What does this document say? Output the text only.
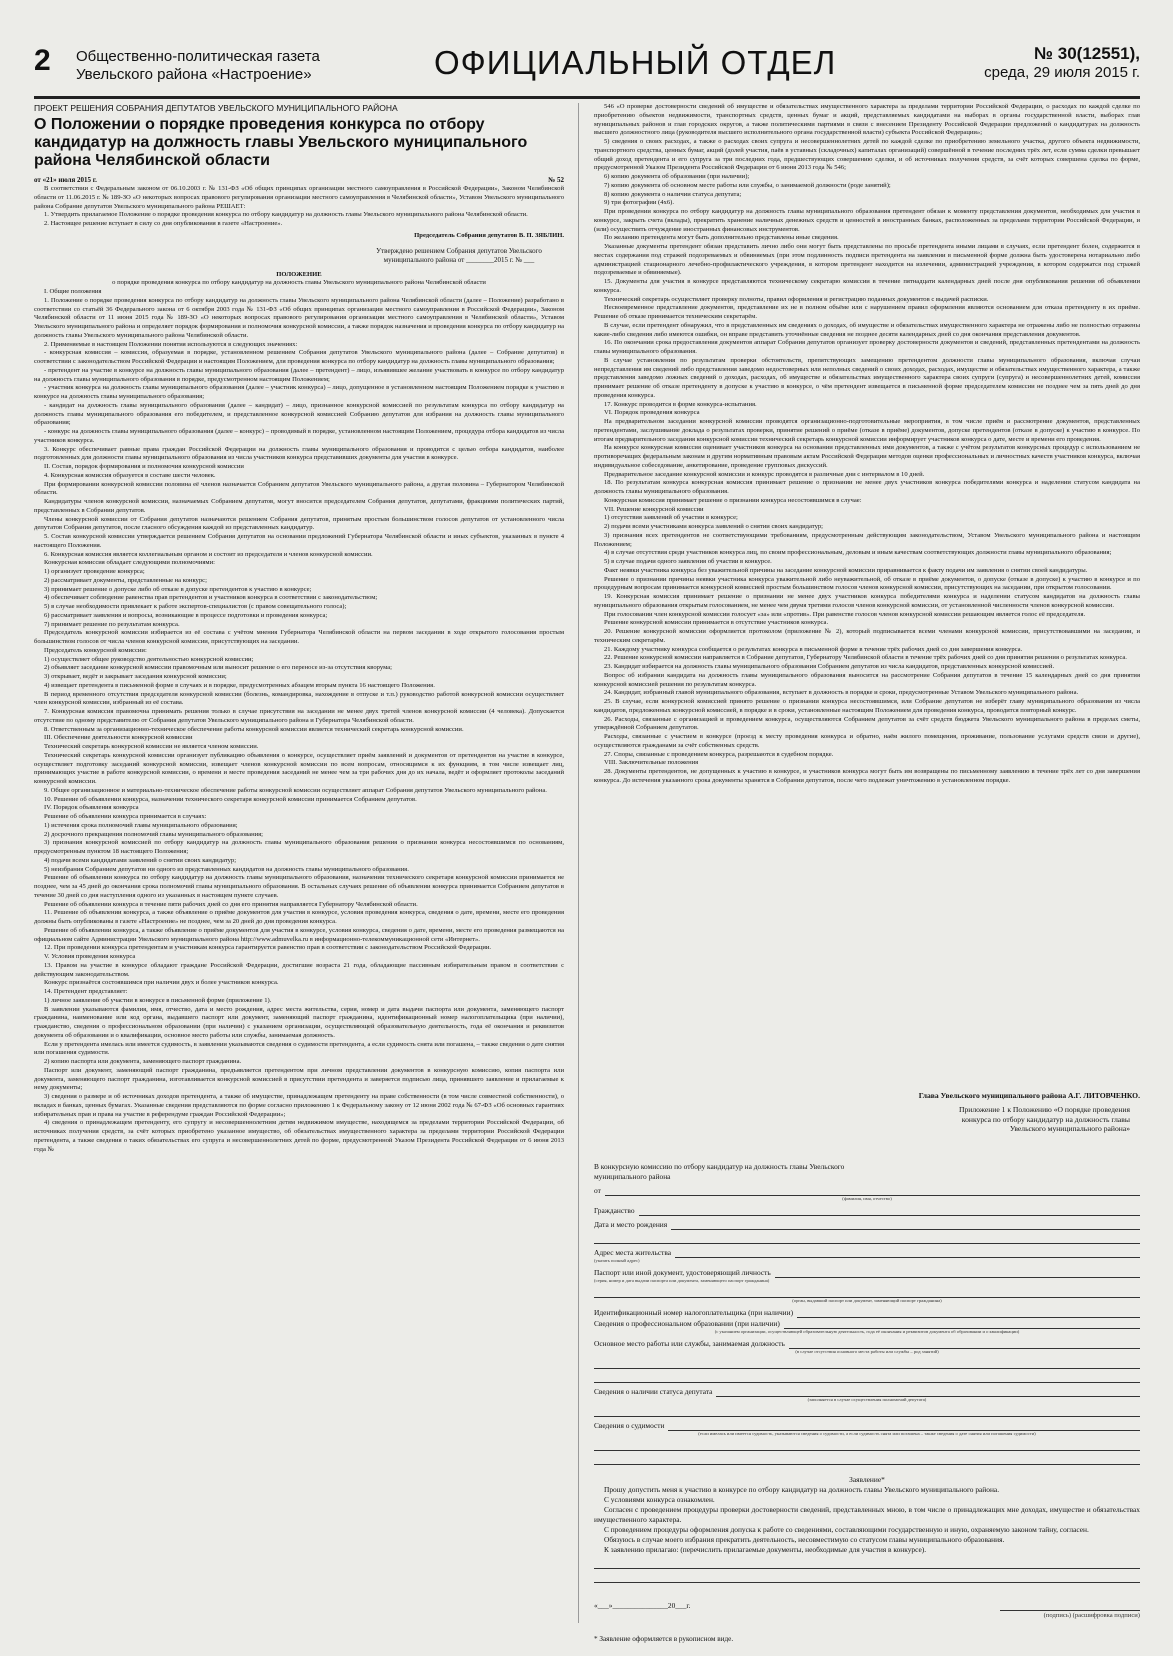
2 Общественно-политическая газета
Увельского района «Настроение»	ОФИЦИАЛЬНЫЙ ОТДЕЛ	№ 30(12551),
среда, 29 июля 2015 г.
ПРОЕКТ РЕШЕНИЯ СОБРАНИЯ ДЕПУТАТОВ УВЕЛЬСКОГО МУНИЦИПАЛЬНОГО РАЙОНА
О Положении о порядке проведения конкурса по отбору кандидатур на должность главы Увельского муниципального района Челябинской области
от «21» июля 2015 г.	№ 52

В соответствии с Федеральным законом от 06.10.2003 г. № 131-ФЗ «Об общих принципах организации местного самоуправления в Российской Федерации», Законом Челябинской области от 11.06.2015 г. № 189-ЗО «О некоторых вопросах правового регулирования организации местного самоуправления в Челябинской области», Уставом Увельского муниципального района Собрание депутатов Увельского муниципального района РЕШАЕТ:

1. Утвердить прилагаемое Положение о порядке проведения конкурса по отбору кандидатур на должность главы Увельского муниципального района Челябинской области.

2. Настоящее решение вступает в силу со дня опубликования в газете «Настроение».

Председатель Собрания депутатов В. П. ЗЯБЛИН.
Утверждено решением Собрания депутатов Увельского муниципального района от ________2015 г. № ___
ПОЛОЖЕНИЕ
о порядке проведения конкурса по отбору кандидатур на должность главы Увельского муниципального района Челябинской области
I. Общие положения

1. Положение о порядке проведения конкурса по отбору кандидатур на должность главы Увельского муниципального района Челябинской области (далее – Положение) разработано в соответствии со статьёй 36 Федерального закона от 6 октября 2003 года № 131-ФЗ «Об общих принципах организации местного самоуправления в Российской Федерации», Законом Челябинской области от 11 июня 2015 года № 189-ЗО «О некоторых вопросах правового регулирования организации местного самоуправления в Челябинской области», Уставом Увельского муниципального района и определяет порядок формирования и полномочия конкурсной комиссии, а также порядок назначения и проведения конкурса по отбору кандидатур на должность главы Увельского муниципального района Челябинской области.

2. Применяемые в настоящем Положении понятия используются в следующих значениях:

- конкурсная комиссия – комиссия, образуемая в порядке, установленном решением Собрания депутатов Увельского муниципального района (далее – Собрание депутатов) в соответствии с законодательством Российской Федерации и настоящим Положением, для проведения конкурса по отбору кандидатур на должность главы муниципального образования;

- претендент на участие в конкурсе на должность главы муниципального образования (далее – претендент) – лицо, изъявившее желание участвовать в конкурсе по отбору кандидатур на должность главы муниципального образования в порядке, предусмотренном настоящим Положением;

- участник конкурса на должность главы муниципального образования (далее – участник конкурса) – лицо, допущенное в установленном настоящим Положением порядке к участию в конкурсе на должность главы муниципального образования;

- кандидат на должность главы муниципального образования (далее – кандидат) – лицо, признанное конкурсной комиссией по результатам конкурса по отбору кандидатур на должность главы муниципального образования его победителем, и представленное конкурсной комиссией Собранию депутатов для избрания на должность главы муниципального образования;

- конкурс на должность главы муниципального образования (далее – конкурс) – проводимый в порядке, установленном настоящим Положением, процедура отбора кандидатов из числа участников конкурса.

3. Конкурс обеспечивает равные права граждан Российской Федерации на должность главы муниципального образования и проводится с целью отбора кандидатов, наиболее подготовленных для должности главы муниципального образования из числа участников конкурса представивших документы для участия в конкурсе.

II. Состав, порядок формирования и полномочия конкурсной комиссии

4. Конкурсная комиссия образуется в составе шести человек.

При формировании конкурсной комиссии половина её членов назначается Собранием депутатов Увельского муниципального района, а другая половина – Губернатором Челябинской области.

Кандидатуры членов конкурсной комиссии, назначаемых Собранием депутатов, могут вносится председателем Собрания депутатов, депутатами, фракциями политических партий, представленных в Собрании депутатов.

Члены конкурсной комиссии от Собрания депутатов назначаются решением Собрания депутатов, принятым простым большинством голосов депутатов от установленного числа депутатов Собрания депутатов, после гласного обсуждения каждой из представленных кандидатур.

5. Состав конкурсной комиссии утверждается решением Собрания депутатов на основании предложений Губернатора Челябинской области и иных субъектов, указанных в пункте 4 настоящего Положения.

6. Конкурсная комиссия является коллегиальным органом и состоит из председателя и членов конкурсной комиссии.

Конкурсная комиссия обладает следующими полномочиями:

1) организует проведение конкурса;

2) рассматривает документы, представленные на конкурс;

3) принимает решение о допуске либо об отказе в допуске претендентов к участию в конкурсе;

4) обеспечивает соблюдение равенства прав претендентов и участников конкурса в соответствии с законодательством;

5) в случае необходимости привлекает к работе экспертов-специалистов (с правом совещательного голоса);

6) рассматривает заявления и вопросы, возникающие в процессе подготовки и проведения конкурса;

7) принимает решение по результатам конкурса.

Председатель конкурсной комиссии избирается из её состава с учётом мнения Губернатора Челябинской области на первом заседании в ходе открытого голосования простым большинством голосов от числа членов конкурсной комиссии, присутствующих на заседании.

Председатель конкурсной комиссии:

1) осуществляет общее руководство деятельностью конкурсной комиссии;

2) объявляет заседание конкурсной комиссии правомочным или выносит решение о его переносе из-за отсутствия кворума;

3) открывает, ведёт и закрывает заседания конкурсной комиссии;

4) извещает претендента в письменной форме в случаях и в порядке, предусмотренных абзацем вторым пункта 16 настоящего Положения.

В период временного отсутствия председателя конкурсной комиссии (болезнь, командировка, нахождение в отпуске и т.п.) руководство работой конкурсной комиссии осуществляет член конкурсной комиссии, избранный из её состава.

7. Конкурсная комиссия правомочна принимать решения только в случае присутствия на заседании не менее двух третей членов конкурсной комиссии (4 человека). Допускается отсутствие по одному представителю от Собрания депутатов Увельского муниципального района и Губернатора Челябинской области.

8. Ответственным за организационно-техническое обеспечение работы конкурсной комиссии является технический секретарь конкурсной комиссии.

III. Обеспечение деятельности конкурсной комиссии

Технический секретарь конкурсной комиссии не является членом комиссии.

Технический секретарь конкурсной комиссии организует публикацию объявления о конкурсе, осуществляет приём заявлений и документов от претендентов на участие в конкурсе, осуществляет подготовку заседаний конкурсной комиссии, извещает членов конкурсной комиссии по всем вопросам, относящимся к их функциям, в том числе извещает лиц, принимающих участие в работе конкурсной комиссии, о времени и месте проведения заседаний не менее чем за три рабочих дня до их начала, ведёт и оформляет протоколы заседаний конкурсной комиссии.

9. Общее организационное и материально-техническое обеспечение работы конкурсной комиссии осуществляет аппарат Собрания депутатов Увельского муниципального района.

10. Решение об объявлении конкурса, назначении технического секретаря конкурсной комиссии принимается Собранием депутатов.

IV. Порядок объявления конкурса

Решение об объявлении конкурса принимается в случаях:

1) истечения срока полномочий главы муниципального образования;

2) досрочного прекращения полномочий главы муниципального образования;

3) признания конкурсной комиссией по отбору кандидатур на должность главы муниципального образования решения о признании конкурса несостоявшимся по основаниям, предусмотренным пунктом 18 настоящего Положения;

4) подачи всеми кандидатами заявлений о снятии своих кандидатур;

5) неизбрания Собранием депутатов ни одного из представленных кандидатов на должность главы муниципального образования.

Решение об объявлении конкурса по отбору кандидатур на должность главы муниципального образования, назначении технического секретаря конкурсной комиссии принимается не позднее, чем за 45 дней до окончания срока полномочий главы муниципального образования. В остальных случаях решение об объявлении конкурса принимается Собранием депутатов в течение 30 дней со дня наступления одного из указанных в настоящем пункте случаев.

Решение об объявлении конкурса в течение пяти рабочих дней со дня его принятия направляется Губернатору Челябинской области.

11. Решение об объявлении конкурса, а также объявление о приёме документов для участия в конкурсе, условия проведения конкурса, сведения о дате, времени, месте его проведения должны быть опубликованы в газете «Настроение» не позднее, чем за 20 дней до дня проведения конкурса.

Решение об объявлении конкурса, а также объявление о приёме документов для участия в конкурсе, условия конкурса, сведения о дате, времени, месте его проведения размещаются на официальном сайте Администрации Увельского муниципального района http://www.admuvelka.ru в информационно-телекоммуникационной сети «Интернет».

12. При проведении конкурса претендентам и участникам конкурса гарантируется равенство прав в соответствии с законодательством Российской Федерации.

V. Условия проведения конкурса

13. Правом на участие в конкурсе обладают граждане Российской Федерации, достигшие возраста 21 года, обладающие пассивным избирательным правом в соответствии с действующим законодательством.

Конкурс признаётся состоявшимся при наличии двух и более участников конкурса.

14. Претендент представляет:

1) личное заявление об участии в конкурсе в письменной форме (приложение 1).

В заявлении указываются фамилия, имя, отчество, дата и место рождения, адрес места жительства, серия, номер и дата выдачи паспорта или документа, заменяющего паспорт гражданина, наименование или код органа, выдавшего паспорт или документ, заменяющий паспорт гражданина, идентификационный номер налогоплательщика (при наличии), гражданство, сведения о профессиональном образовании (при наличии) с указанием организации, осуществляющей образовательную деятельность, года её окончания и реквизитов документа об образовании и о квалификации, основное место работы или службы, занимаемая должность.

Если у претендента имелась или имеется судимость, в заявлении указываются сведения о судимости претендента, а если судимость снята или погашена, – также сведения о дате снятия или погашения судимости.

2) копию паспорта или документа, заменяющего паспорт гражданина.

Паспорт или документ, заменяющий паспорт гражданина, предъявляется претендентом при личном представлении документов в конкурсную комиссию, копия паспорта или документа, заменяющего паспорт гражданина, изготавливается конкурсной комиссией в присутствии претендента и заверяется подписью лица, принявшего заявление и прилагаемые к нему документы;

3) сведения о размере и об источниках доходов претендента, а также об имуществе, принадлежащем претенденту на праве собственности (в том числе совместной собственности), о вкладах в банках, ценных бумагах. Указанные сведения представляются по форме согласно приложению 1 к Федеральному закону от 12 июня 2002 года № 67-ФЗ «Об основных гарантиях избирательных прав и права на участие в референдуме граждан Российской Федерации»;

4) сведения о принадлежащем претенденту, его супругу и несовершеннолетним детям недвижимом имуществе, находящемся за пределами территории Российской Федерации, об источниках получения средств, за счёт которых приобретено указанное имущество, об обязательствах имущественного характера за пределами территории Российской Федерации претендента, а также сведения о таких обязательствах его супруга и несовершеннолетних детей по форме, предусмотренной Указом Президента Российской Федерации от 6 июня 2013 года №

546 «О проверке достоверности сведений об имуществе и обязательствах имущественного характера за пределами территории Российской Федерации, о расходах по каждой сделке по приобретению объектов недвижимости, транспортных средств, ценных бумаг и акций, представляемых кандидатами на выборах в органы государственной власти, выборах глав муниципальных районов и глав городских округов, а также политическими партиями в связи с внесением Президенту Российской Федерации предложений о кандидатурах на должность высшего должностного лица (руководителя высшего исполнительного органа государственной власти) субъекта Российской Федерации»;

5) сведения о своих расходах, а также о расходах своих супруга и несовершеннолетних детей по каждой сделке по приобретению земельного участка, другого объекта недвижимости, транспортного средства, ценных бумаг, акций (долей участия, паёв в уставных (складочных) капиталах организаций) совершённой в течение последних трёх лет, если сумма сделки превышает общий доход претендента и его супруга за три последних года, предшествующих совершению сделки, и об источниках получения средств, за счёт которых совершена сделка по форме, предусмотренной Указом Президента Российской Федерации от 6 июня 2013 года № 546;

6) копию документа об образовании (при наличии);

7) копию документа об основном месте работы или службы, о занимаемой должности (роде занятий);

8) копию документа о наличии статуса депутата;

9) три фотографии (4х6).

При проведении конкурса по отбору кандидатур на должность главы муниципального образования претендент обязан к моменту представления документов, необходимых для участия в конкурсе, закрыть счета (вклады), прекратить хранение наличных денежных средств и ценностей в иностранных банках, расположенных за пределами территории Российской Федерации, и (или) осуществить отчуждение иностранных финансовых инструментов.

По желанию претендента могут быть дополнительно представлены иные сведения.

Указанные документы претендент обязан представить лично либо они могут быть представлены по просьбе претендента иными лицами в случаях, если претендент болен, содержится в местах содержания под стражей подозреваемых и обвиняемых (при этом подлинность подписи претендента на заявлении в письменной форме должна быть удостоверена нотариально либо администрацией стационарного лечебно-профилактического учреждения, в котором претендент находится на излечении, администрацией учреждения, в котором содержатся под стражей подозреваемые и обвиняемые).

15. Документы для участия в конкурсе представляются техническому секретарю комиссии в течение пятнадцати календарных дней после дня опубликования решения об объявлении конкурса.

Технический секретарь осуществляет проверку полноты, правил оформления и регистрацию поданных документов с выдачей расписки.

Несвоевременное представление документов, представление их не в полном объёме или с нарушением правил оформления являются основанием для отказа претенденту в их приёме. Решение об отказе принимается техническим секретарём.

В случае, если претендент обнаружил, что в представленных им сведениях о доходах, об имуществе и обязательствах имущественного характера не отражены либо не полностью отражены какие-либо сведения либо имеются ошибки, он вправе представить уточнённые сведения не позднее десяти календарных дней со дня окончания представления документов.

16. По окончании срока предоставления документов аппарат Собрания депутатов организует проверку достоверности документов и сведений, представленных претендентами на должность главы муниципального образования.

В случае установления по результатам проверки обстоятельств, препятствующих замещению претендентом должности главы муниципального образования, включая случаи непредставления им сведений либо представления заведомо недостоверных или неполных сведений о своих доходах, расходах, имуществе и обязательствах имущественного характера, а также представления заведомо ложных сведений о доходах, расходах, об имуществе и обязательствах имущественного характера своих супруги (супруга) и несовершеннолетних детей, комиссия принимает решение об отказе претенденту в допуске к участию в конкурсе, о чём претендент извещается в письменной форме председателем комиссии не позднее чем за пять дней до дня проведения конкурса.

17. Конкурс проводится в форме конкурса-испытания.

VI. Порядок проведения конкурса

На предварительном заседании конкурсной комиссии проводятся организационно-подготовительные мероприятия, в том числе приём и рассмотрение документов, представленных претендентами, заслушивание доклада о результатах проверки, принятие решений о приёме (отказе в приёме) документов, допуске претендентов (отказе в допуске) к участию в конкурсе. По итогам предварительного заседания конкурсной комиссии технический секретарь конкурсной комиссии информирует участников конкурса о дате, месте и времени его проведения.

На конкурсе конкурсная комиссия оценивает участников конкурса на основании представленных ими документов, а также с учётом результатов конкурсных процедур с использованием не противоречащих федеральным законам и другим нормативным правовым актам Российской Федерации методов оценки профессиональных и личностных качеств участников конкурса, включая индивидуальное собеседование, анкетирование, проведение групповых дискуссий.

Предварительное заседание конкурсной комиссии и конкурс проводятся в различные дни с интервалом в 10 дней.

18. По результатам конкурса конкурсная комиссия принимает решение о признании не менее двух участников конкурса победителями конкурса и наделении статусом кандидата на должность главы муниципального образования.

Конкурсная комиссия принимает решение о признании конкурса несостоявшимся в случае:

VII. Решение конкурсной комиссии

1) отсутствия заявлений об участии в конкурсе;

2) подачи всеми участниками конкурса заявлений о снятии своих кандидатур;

3) признания всех претендентов не соответствующими требованиям, предусмотренным действующим законодательством, Уставом Увельского муниципального района и настоящим Положением;

4) в случае отсутствия среди участников конкурса лиц, по своим профессиональным, деловым и иным качествам соответствующих должности главы муниципального образования;

5) в случае подачи одного заявления об участии в конкурсе.

Факт неявки участника конкурса без уважительной причины на заседание конкурсной комиссии приравнивается к факту подачи им заявления о снятии своей кандидатуры.

Решение о признании причины неявки участника конкурса уважительной либо неуважительной, об отказе в приёме документов, о допуске (отказе в допуске) к участию в конкурсе и по процедурным вопросам принимается конкурсной комиссией простым большинством голосов членов конкурсной комиссии, присутствующих на заседании, при открытом голосовании.

19. Конкурсная комиссия принимает решение о признании не менее двух участников конкурса победителями конкурса и наделении статусом кандидатов на должность главы муниципального образования открытым голосованием, не менее чем двумя третями голосов членов конкурсной комиссии, от установленной численности членов конкурсной комиссии.

При голосовании член конкурсной комиссии голосует «за» или «против». При равенстве голосов членов конкурсной комиссии решающим является голос её председателя.

Решение конкурсной комиссии принимается в отсутствие участников конкурса.

20. Решение конкурсной комиссии оформляется протоколом (приложение № 2), который подписывается всеми членами конкурсной комиссии, присутствовавшими на заседании, и техническим секретарём.

21. Каждому участнику конкурса сообщается о результатах конкурса в письменной форме в течение трёх рабочих дней со дня завершения конкурса.

22. Решение конкурсной комиссии направляется в Собрание депутатов, Губернатору Челябинской области в течение трёх рабочих дней со дня принятия решения о результатах конкурса.

23. Кандидат избирается на должность главы муниципального образования Собранием депутатов из числа кандидатов, представленных конкурсной комиссией.

Вопрос об избрании кандидата на должность главы муниципального образования выносится на рассмотрение Собрания депутатов в течение 15 календарных дней со дня принятия конкурсной комиссией решения по результатам конкурса.

24. Кандидат, избранный главой муниципального образования, вступает в должность в порядке и сроки, предусмотренные Уставом Увельского муниципального района.

25. В случае, если конкурсной комиссией принято решение о признании конкурса несостоявшимся, или Собрание депутатов не изберёт главу муниципального образования из числа кандидатов, предложенных конкурсной комиссией, в порядке и в сроки, установленные настоящим Положением для проведения конкурса, проводится повторный конкурс.

26. Расходы, связанные с организацией и проведением конкурса, осуществляются Собранием депутатов за счёт средств бюджета Увельского муниципального района в пределах сметы, утверждённой Собранием депутатов.

Расходы, связанные с участием в конкурсе (проезд к месту проведения конкурса и обратно, наём жилого помещения, проживание, пользование услугами средств связи и другие), осуществляются гражданами за счёт собственных средств.

27. Споры, связанные с проведением конкурса, разрешаются в судебном порядке.

VIII. Заключительные положения

28. Документы претендентов, не допущенных к участию в конкурсе, и участников конкурса могут быть им возвращены по письменному заявлению в течение трёх лет со дня завершения конкурса. До истечения указанного срока документы хранятся в Собрании депутатов, после чего подлежат уничтожению в установленном порядке.

Глава Увельского муниципального района А.Г. ЛИТОВЧЕНКО.
Приложение 1 к Положению «О порядке проведения конкурса по отбору кандидатур на должность главы Увельского муниципального района»
В конкурсную комиссию по отбору кандидатур на должность главы Увельского муниципального района
от
(фамилия, имя, отчество)
Гражданство
Дата и место рождения
Адрес места жительства
(указать полный адрес)
Паспорт или иной документ, удостоверяющий личность
(серия, номер и дата выдачи паспорта или документа, заменяющего паспорт гражданина)
(орган, выдавший паспорт или документ, заменяющий паспорт гражданина)
Идентификационный номер налогоплательщика (при наличии)
Сведения о профессиональном образовании (при наличии)
(с указанием организации, осуществляющей образовательную деятельность, года её окончания и реквизитов документа об образовании и о квалификации)
Основное место работы или службы, занимаемая должность
(в случае отсутствия основного места работы или службы – род занятий)
Сведения о наличии статуса депутата
(заполняется в случае осуществления полномочий депутата)
Сведения о судимости
(если имелась или имеется судимость, указываются сведения о судимости, а если судимость снята или погашена – также сведения о дате снятия или погашения судимости)
Заявление*
Прошу допустить меня к участию в конкурсе по отбору кандидатур на должность главы Увельского муниципального района.
С условиями конкурса ознакомлен.
Согласен с проведением процедуры проверки достоверности сведений, представленных мною, в том числе о принадлежащих мне доходах, имуществе и обязательствах имущественного характера.
С проведением процедуры оформления допуска к работе со сведениями, составляющими государственную и иную, охраняемую законом тайну, согласен.
Обязуюсь в случае моего избрания прекратить деятельность, несовместимую со статусом главы муниципального образования.
К заявлению прилагаю: (перечислить прилагаемые документы, необходимые для участия в конкурсе).
«___»_______________20___г.
(подпись) (расшифровка подписи)
* Заявление оформляется в рукописном виде.
